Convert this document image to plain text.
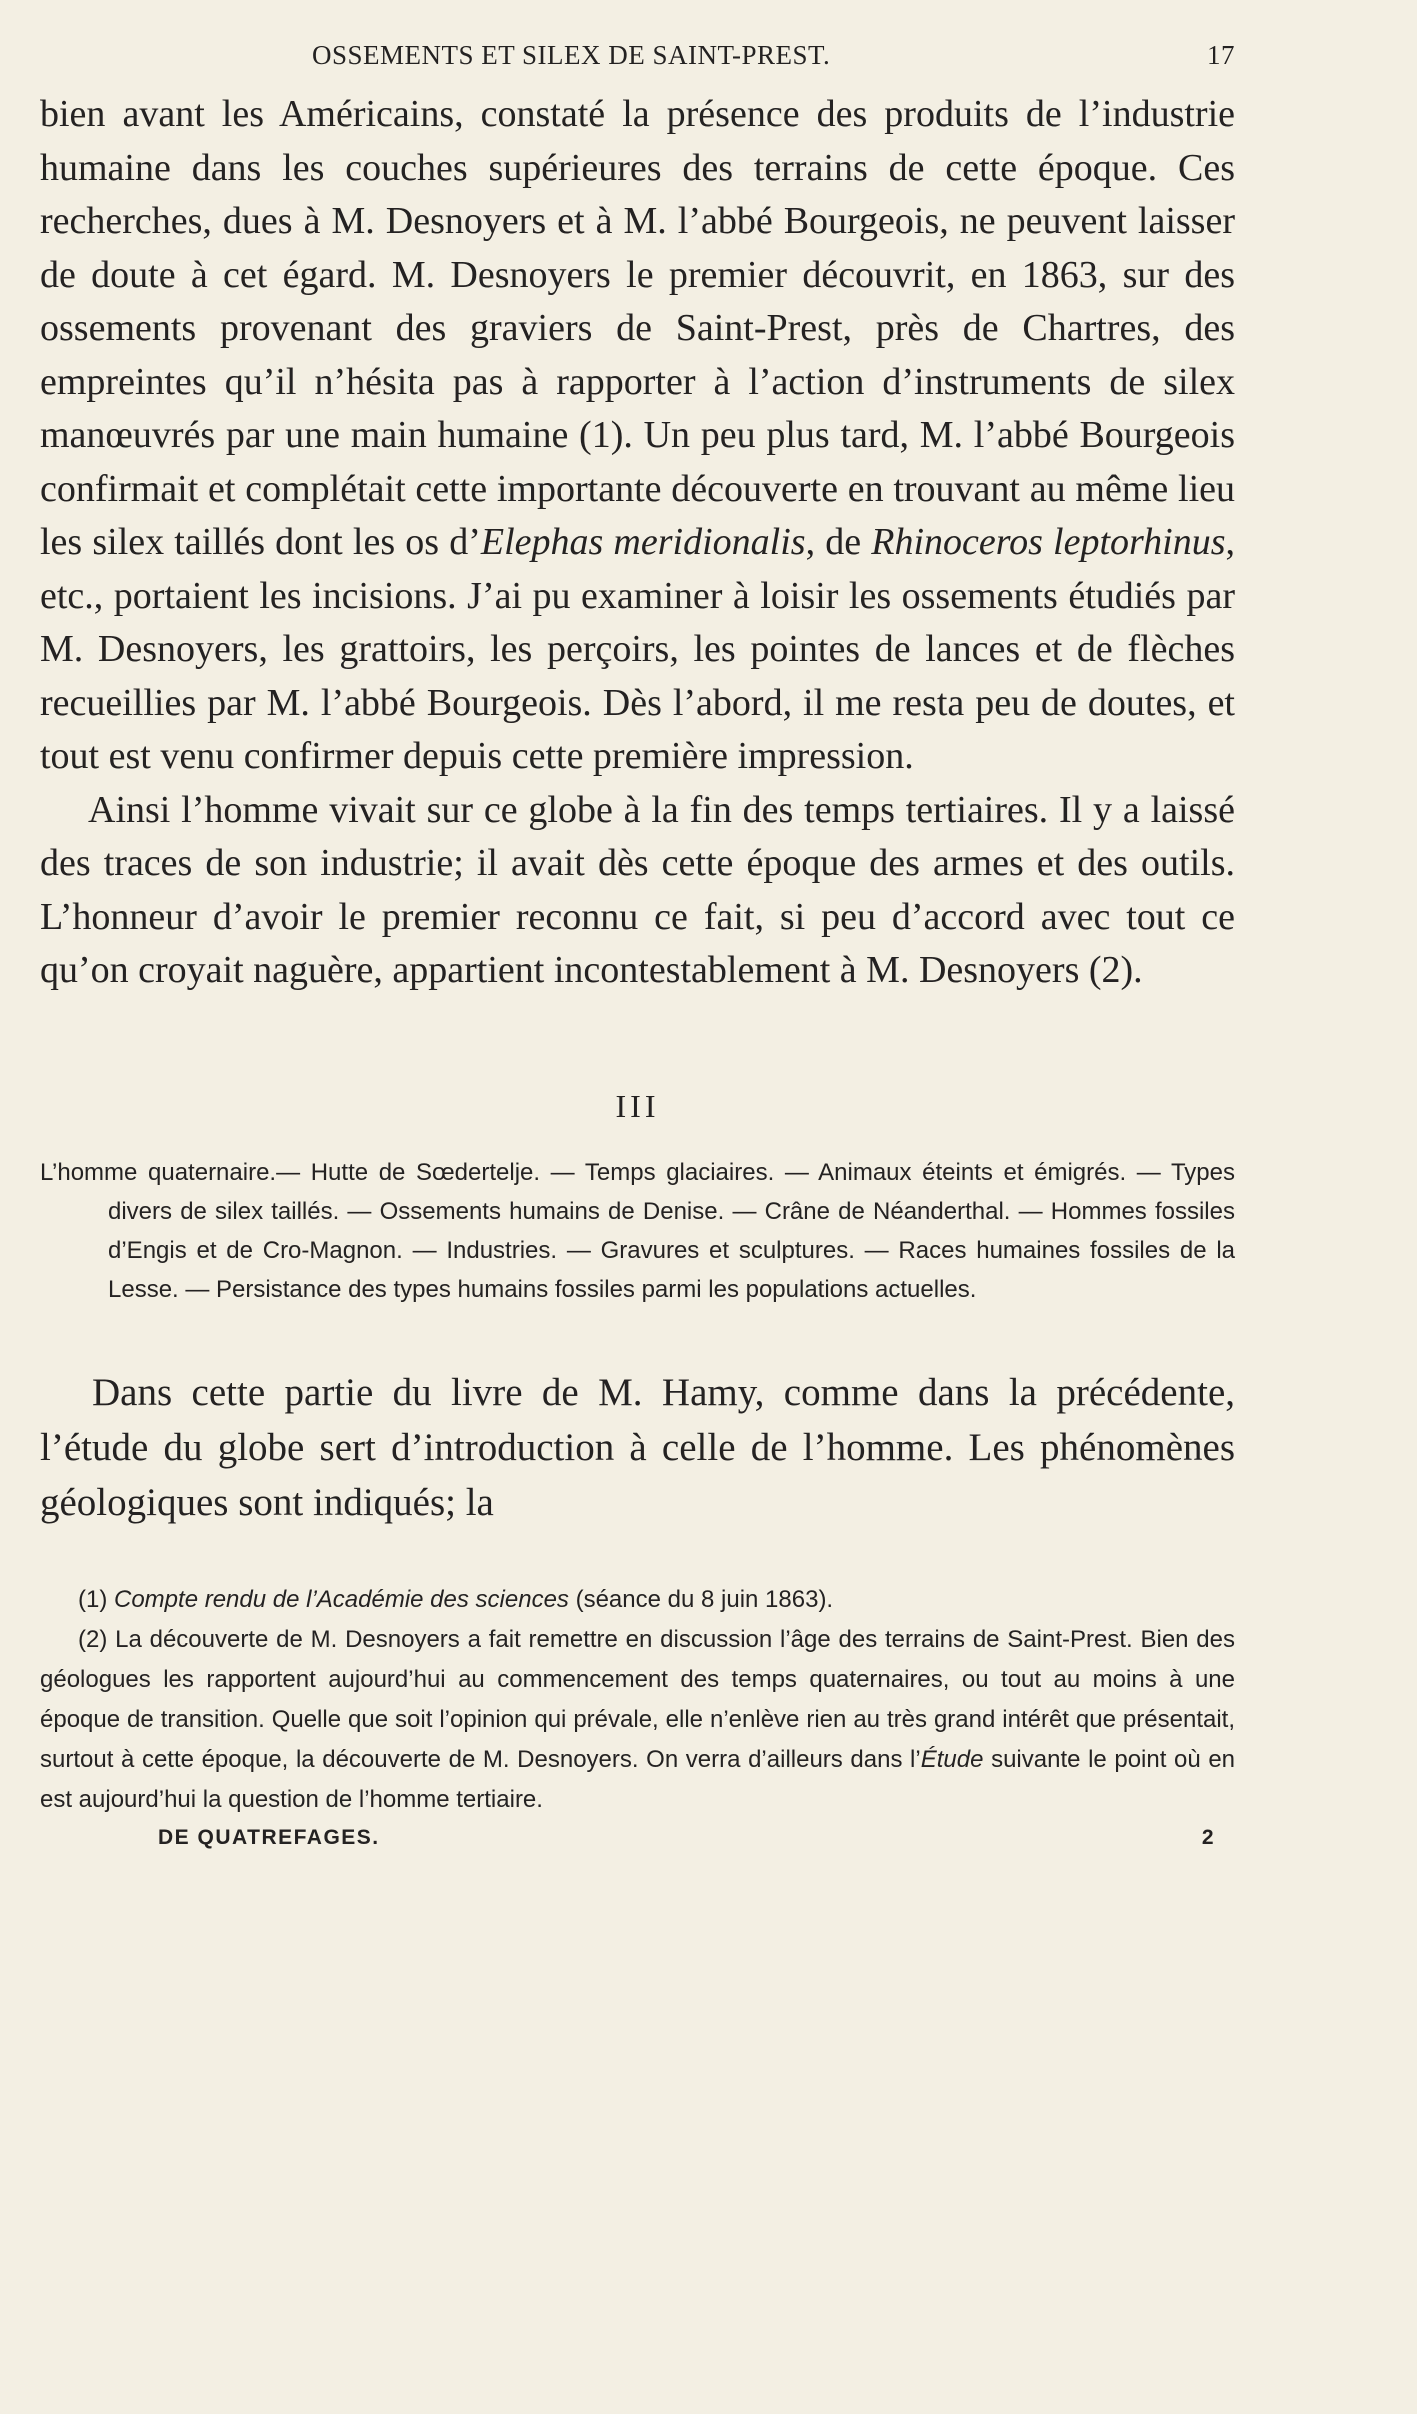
OSSEMENTS ET SILEX DE SAINT-PREST.	17

bien avant les Américains, constaté la présence des produits de l’industrie humaine dans les couches supérieures des terrains de cette époque. Ces recherches, dues à M. Desnoyers et à M. l’abbé Bourgeois, ne peuvent laisser de doute à cet égard. M. Desnoyers le premier découvrit, en 1863, sur des ossements provenant des graviers de Saint-Prest, près de Chartres, des empreintes qu’il n’hésita pas à rapporter à l’action d’instruments de silex manœuvrés par une main humaine (1). Un peu plus tard, M. l’abbé Bourgeois confirmait et complétait cette importante découverte en trouvant au même lieu les silex taillés dont les os d’Elephas meridionalis, de Rhinoceros leptorhinus, etc., portaient les incisions. J’ai pu examiner à loisir les ossements étudiés par M. Desnoyers, les grattoirs, les perçoirs, les pointes de lances et de flèches recueillies par M. l’abbé Bourgeois. Dès l’abord, il me resta peu de doutes, et tout est venu confirmer depuis cette première impression.

Ainsi l’homme vivait sur ce globe à la fin des temps tertiaires. Il y a laissé des traces de son industrie; il avait dès cette époque des armes et des outils. L’honneur d’avoir le premier reconnu ce fait, si peu d’accord avec tout ce qu’on croyait naguère, appartient incontestablement à M. Desnoyers (2).

III

L’homme quaternaire.— Hutte de Sœdertelje. — Temps glaciaires. — Animaux éteints et émigrés. — Types divers de silex taillés. — Ossements humains de Denise. — Crâne de Néanderthal. — Hommes fossiles d’Engis et de Cro-Magnon. — Industries. — Gravures et sculptures. — Races humaines fossiles de la Lesse. — Persistance des types humains fossiles parmi les populations actuelles.

Dans cette partie du livre de M. Hamy, comme dans la précédente, l’étude du globe sert d’introduction à celle de l’homme. Les phénomènes géologiques sont indiqués; la

(1) Compte rendu de l’Académie des sciences (séance du 8 juin 1863).

(2) La découverte de M. Desnoyers a fait remettre en discussion l’âge des terrains de Saint-Prest. Bien des géologues les rapportent aujourd’hui au commencement des temps quaternaires, ou tout au moins à une époque de transition. Quelle que soit l’opinion qui prévale, elle n’enlève rien au très grand intérêt que présentait, surtout à cette époque, la découverte de M. Desnoyers. On verra d’ailleurs dans l’Étude suivante le point où en est aujourd’hui la question de l’homme tertiaire.

DE QUATREFAGES.	2
